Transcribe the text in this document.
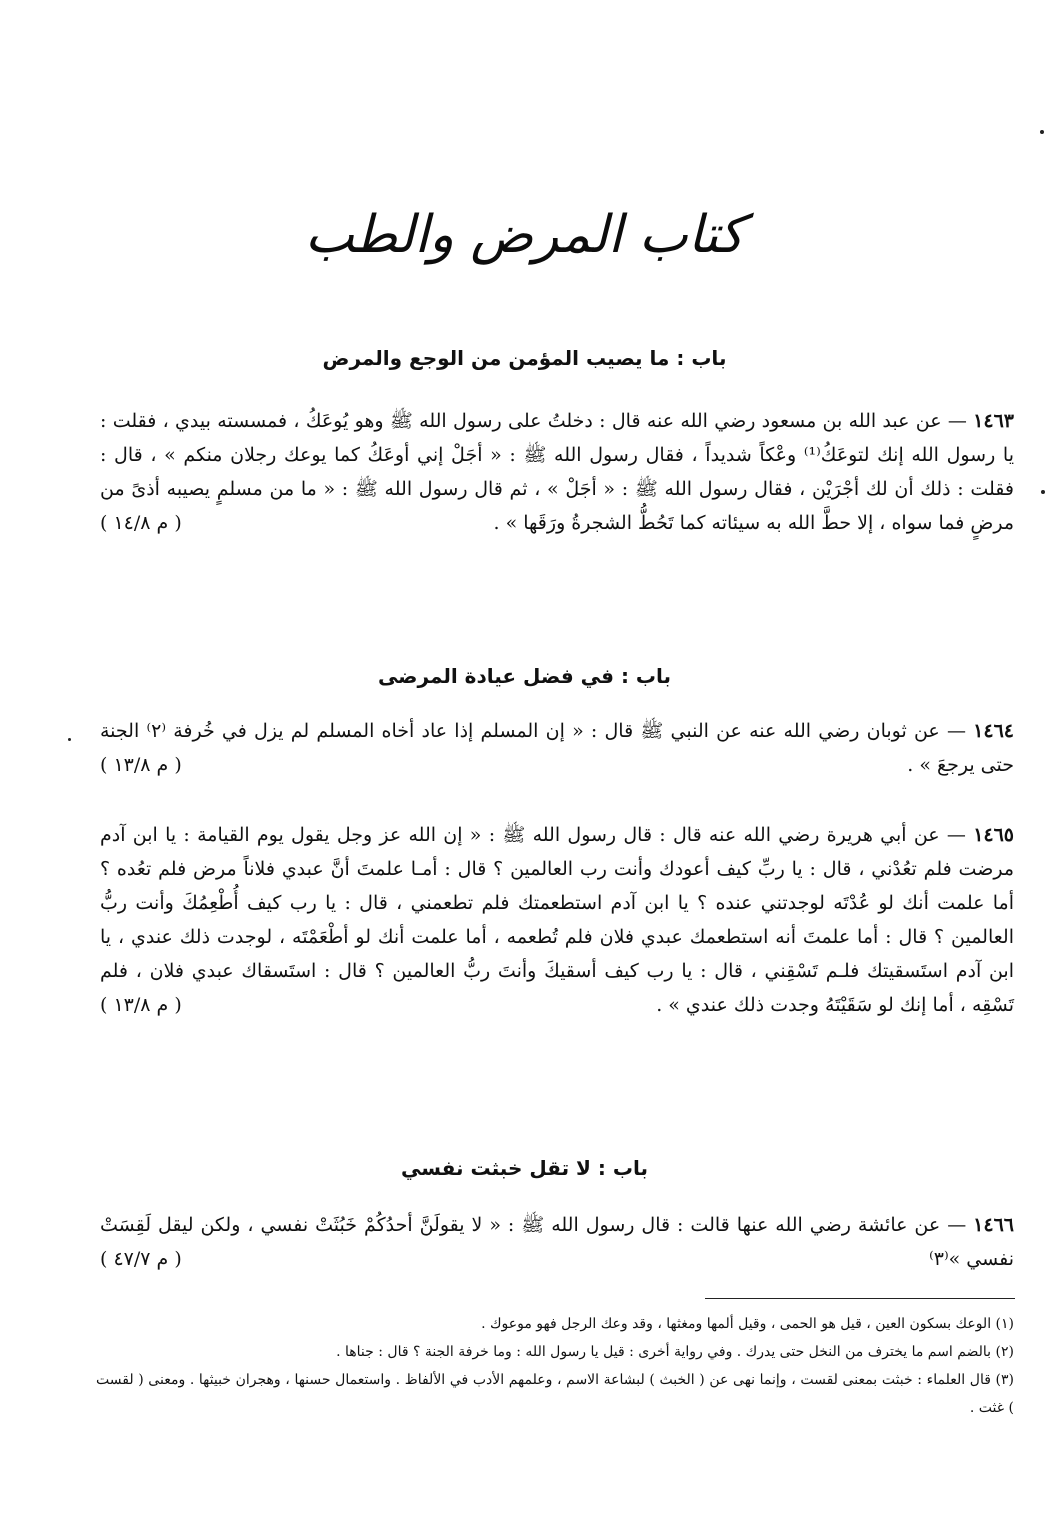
كتاب المرض والطب
باب : ما يصيب المؤمن من الوجع والمرض
١٤٦٣ — عن عبد الله بن مسعود رضي الله عنه قال : دخلتُ على رسول الله ﷺ وهو يُوعَكُ ، فمسسته بيدي ، فقلت : يا رسول الله إنك لتوعَكُ⁽¹⁾ وعْكاً شديداً ، فقال رسول الله ﷺ : « أجَلْ إني أوعَكُ كما يوعك رجلان منكم » ، قال : فقلت : ذلك أن لك أجْرَيْن ، فقال رسول الله ﷺ : « أجَلْ » ، ثم قال رسول الله ﷺ : « ما من مسلمٍ يصيبه أذىً من مرضٍ فما سواه ، إلا حطَّ الله به سيئاته كما تَحُطُّ الشجرةُ ورَقَها » .
( م ١٤/٨ )
باب : في فضل عيادة المرضى
١٤٦٤ — عن ثوبان رضي الله عنه عن النبي ﷺ قال : « إن المسلم إذا عاد أخاه المسلم لم يزل في خُرفة ⁽٢⁾ الجنة حتى يرجعَ » .
( م ١٣/٨ )
١٤٦٥ — عن أبي هريرة رضي الله عنه قال : قال رسول الله ﷺ : « إن الله عز وجل يقول يوم القيامة : يا ابن آدم مرضت فلم تعُدْني ، قال : يا ربِّ كيف أعودك وأنت رب العالمين ؟ قال : أمـا علمتَ أنَّ عبدي فلاناً مرض فلم تعُده ؟ أما علمت أنك لو عُدْتَه لوجدتني عنده ؟ يا ابن آدم استطعمتك فلم تطعمني ، قال : يا رب كيف أُطْعِمُكَ وأنت ربُّ العالمين ؟ قال : أما علمتَ أنه استطعمك عبدي فلان فلم تُطعمه ، أما علمت أنك لو أطْعَمْتَه ، لوجدت ذلك عندي ، يا ابن آدم استَسقيتك فلـم تَسْقِني ، قال : يا رب كيف أسقيكَ وأنتَ ربُّ العالمين ؟ قال : استَسقاك عبدي فلان ، فلم تَسْقِه ، أما إنك لو سَقَيْتَهُ وجدت ذلك عندي » .
( م ١٣/٨ )
باب : لا تقل خبثت نفسي
١٤٦٦ — عن عائشة رضي الله عنها قالت : قال رسول الله ﷺ : « لا يقولَنَّ أحدُكُمْ خَبُثَتْ نفسي ، ولكن ليقل لَقِسَتْ نفسي »⁽٣⁾
( م ٤٧/٧ )

(١) الوعك بسكون العين ، قيل هو الحمى ، وقيل ألمها ومغثها ، وقد وعك الرجل فهو موعوك .

(٢) بالضم اسم ما يخترف من النخل حتى يدرك . وفي رواية أخرى : قيل يا رسول الله : وما خرفة الجنة ؟ قال : جناها .

(٣) قال العلماء : خبثت بمعنى لقست ، وإنما نهى عن ( الخبث ) لبشاعة الاسم ، وعلمهم الأدب في الألفاظ . واستعمال حسنها ، وهجران خبيثها . ومعنى ( لقست ) غثت .
